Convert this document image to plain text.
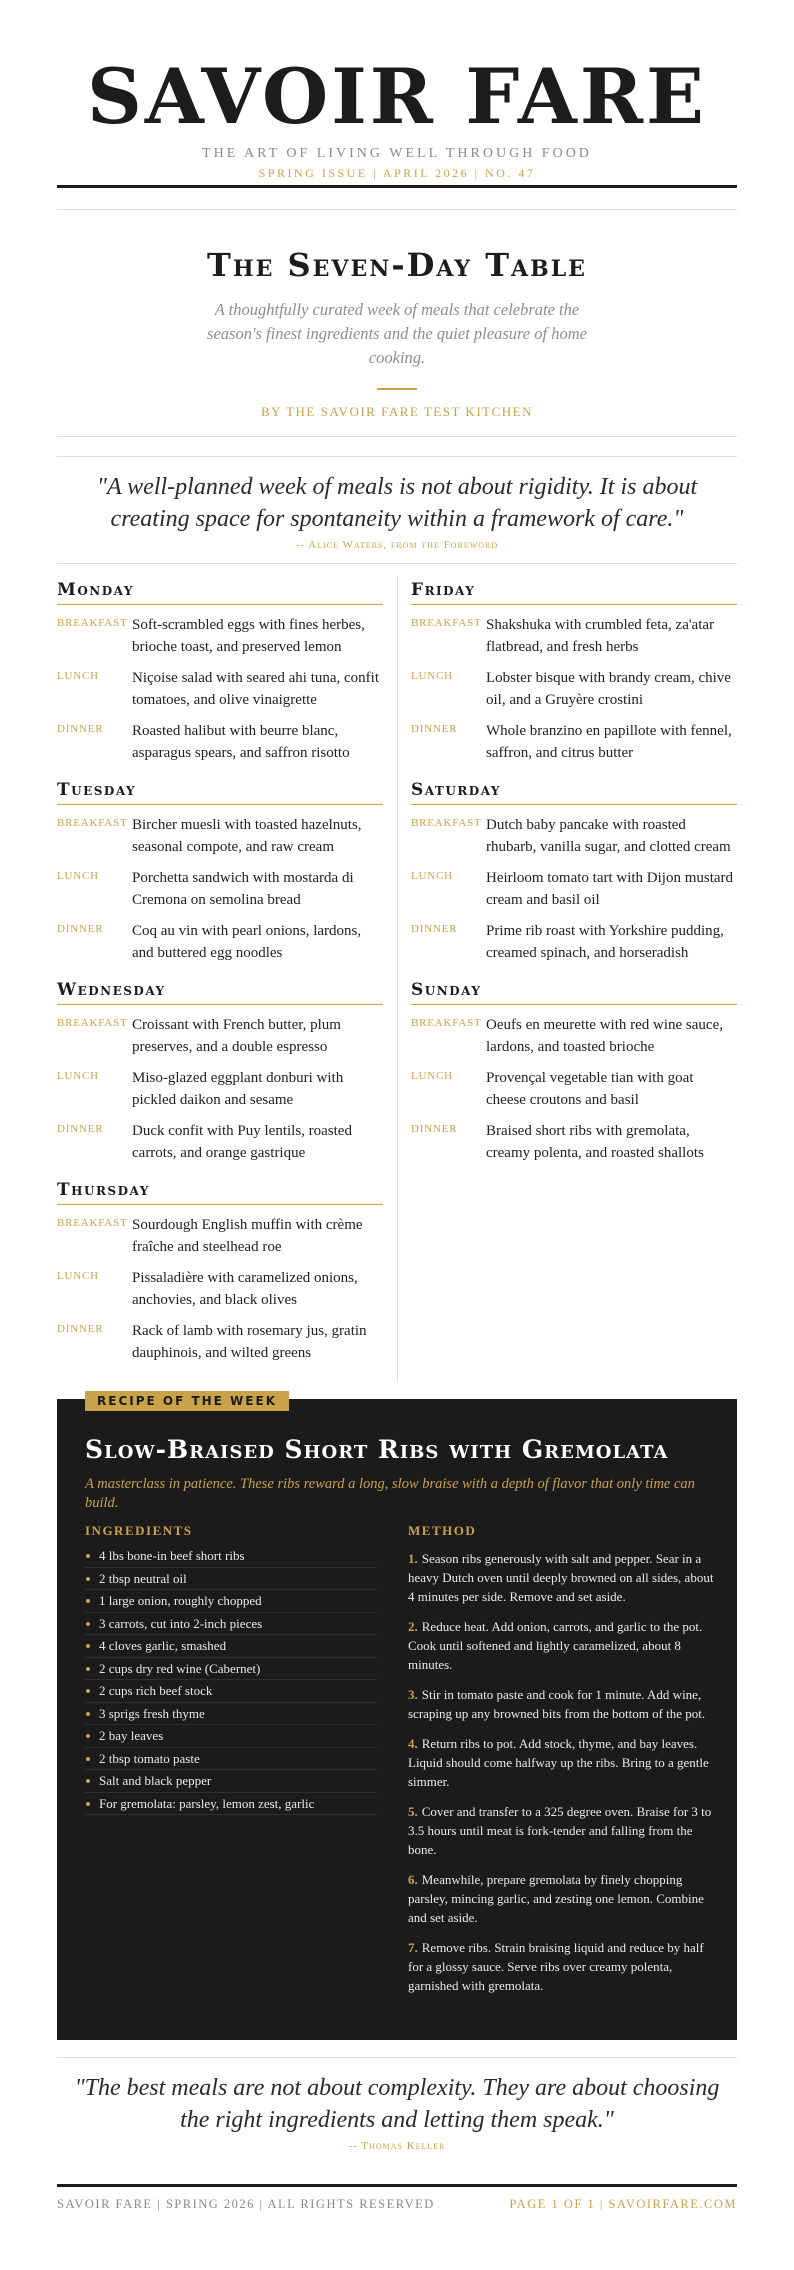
SAVOIR FARE
THE ART OF LIVING WELL THROUGH FOOD
SPRING ISSUE | APRIL 2026 | NO. 47
The Seven-Day Table

A thoughtfully curated week of meals that celebrate the season's finest ingredients and the quiet pleasure of home cooking.

BY THE SAVOIR FARE TEST KITCHEN

"A well-planned week of meals is not about rigidity. It is about creating space for spontaneity within a framework of care."

-- Alice Waters, from the Foreword
Monday
BREAKFAST Soft-scrambled eggs with fines herbes, brioche toast, and preserved lemon
LUNCH	Niçoise salad with seared ahi tuna, confit tomatoes, and olive vinaigrette
DINNER	Roasted halibut with beurre blanc, asparagus spears, and saffron risotto
Tuesday
BREAKFAST Bircher muesli with toasted hazelnuts, seasonal compote, and raw cream
LUNCH	Porchetta sandwich with mostarda di Cremona on semolina bread
DINNER	Coq au vin with pearl onions, lardons, and buttered egg noodles
Wednesday
BREAKFAST Croissant with French butter, plum preserves, and a double espresso
LUNCH	Miso-glazed eggplant donburi with pickled daikon and sesame
DINNER	Duck confit with Puy lentils, roasted carrots, and orange gastrique
Thursday
BREAKFAST Sourdough English muffin with crème fraîche and steelhead roe
LUNCH	Pissaladière with caramelized onions, anchovies, and black olives
DINNER	Rack of lamb with rosemary jus, gratin dauphinois, and wilted greens
Friday
BREAKFAST Shakshuka with crumbled feta, za'atar flatbread, and fresh herbs
LUNCH	Lobster bisque with brandy cream, chive oil, and a Gruyère crostini
DINNER	Whole branzino en papillote with fennel, saffron, and citrus butter
Saturday
BREAKFAST Dutch baby pancake with roasted rhubarb, vanilla sugar, and clotted cream
LUNCH	Heirloom tomato tart with Dijon mustard cream and basil oil
DINNER	Prime rib roast with Yorkshire pudding, creamed spinach, and horseradish
Sunday
BREAKFAST Oeufs en meurette with red wine sauce, lardons, and toasted brioche
LUNCH	Provençal vegetable tian with goat cheese croutons and basil
DINNER	Braised short ribs with gremolata, creamy polenta, and roasted shallots
RECIPE OF THE WEEK
Slow-Braised Short Ribs with Gremolata

A masterclass in patience. These ribs reward a long, slow braise with a depth of flavor that only time can build.

INGREDIENTS
4 lbs bone-in beef short ribs
2 tbsp neutral oil
1 large onion, roughly chopped
3 carrots, cut into 2-inch pieces
4 cloves garlic, smashed
2 cups dry red wine (Cabernet)
2 cups rich beef stock
3 sprigs fresh thyme
2 bay leaves
2 tbsp tomato paste
Salt and black pepper
For gremolata: parsley, lemon zest, garlic
METHOD
1. Season ribs generously with salt and pepper. Sear in a heavy Dutch oven until deeply browned on all sides, about 4 minutes per side. Remove and set aside.
2. Reduce heat. Add onion, carrots, and garlic to the pot. Cook until softened and lightly caramelized, about 8 minutes.
3. Stir in tomato paste and cook for 1 minute. Add wine, scraping up any browned bits from the bottom of the pot.
4. Return ribs to pot. Add stock, thyme, and bay leaves. Liquid should come halfway up the ribs. Bring to a gentle simmer.
5. Cover and transfer to a 325 degree oven. Braise for 3 to 3.5 hours until meat is fork-tender and falling from the bone.
6. Meanwhile, prepare gremolata by finely chopping parsley, mincing garlic, and zesting one lemon. Combine and set aside.
7. Remove ribs. Strain braising liquid and reduce by half for a glossy sauce. Serve ribs over creamy polenta, garnished with gremolata.

"The best meals are not about complexity. They are about choosing the right ingredients and letting them speak."

-- Thomas Keller
SAVOIR FARE | SPRING 2026 | ALL RIGHTS RESERVED	PAGE 1 OF 1 | SAVOIRFARE.COM
